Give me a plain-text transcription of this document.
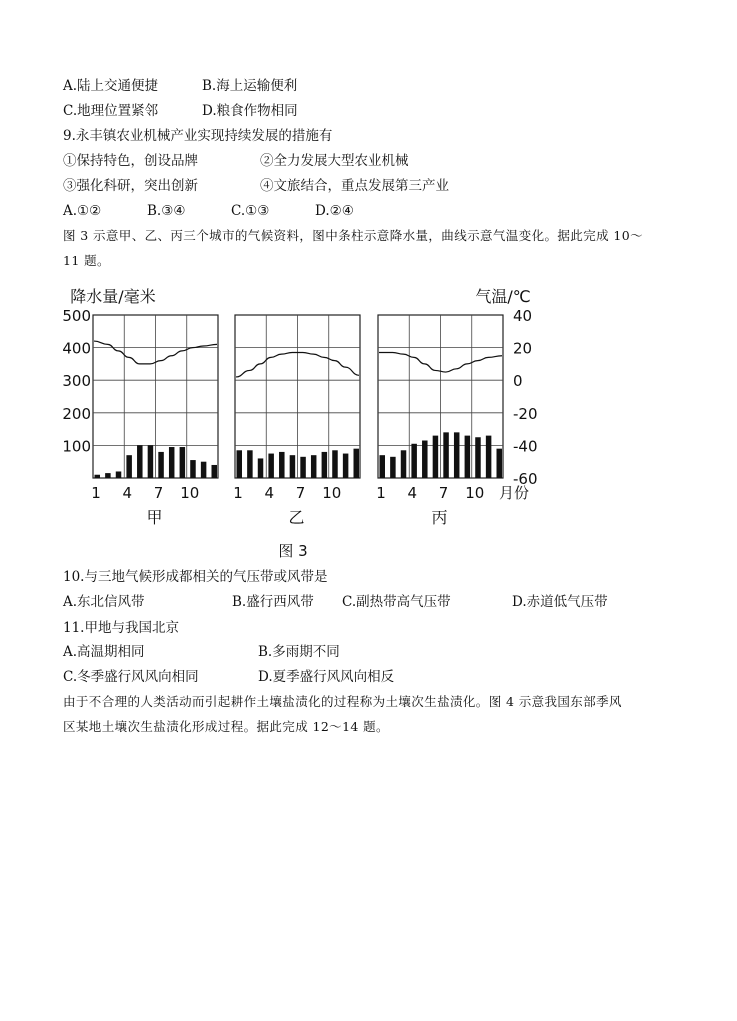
A.陆上交通便捷	B.海上运输便利
C.地理位置紧邻	D.粮食作物相同
9.永丰镇农业机械产业实现持续发展的措施有
①保持特色，创设品牌	②全力发展大型农业机械
③强化科研，突出创新	④文旅结合，重点发展第三产业
A.①②	B.③④	C.①③	D.②④
图 3 示意甲、乙、丙三个城市的气候资料，图中条柱示意降水量，曲线示意气温变化。据此完成 10～
11 题。
降水量/毫米	气温/℃
500
400
300
200
100
40
20
0
-20
-40
-60
1 4 7 10
甲
1 4 7 10
乙
1 4 7 10
丙
月份
图 3
10.与三地气候形成都相关的气压带或风带是
A.东北信风带	B.盛行西风带 C.副热带高气压带	D.赤道低气压带
11.甲地与我国北京
A.高温期相同	B.多雨期不同
C.冬季盛行风风向相同	D.夏季盛行风风向相反
由于不合理的人类活动而引起耕作土壤盐渍化的过程称为土壤次生盐渍化。图 4 示意我国东部季风
区某地土壤次生盐渍化形成过程。据此完成 12～14 题。
